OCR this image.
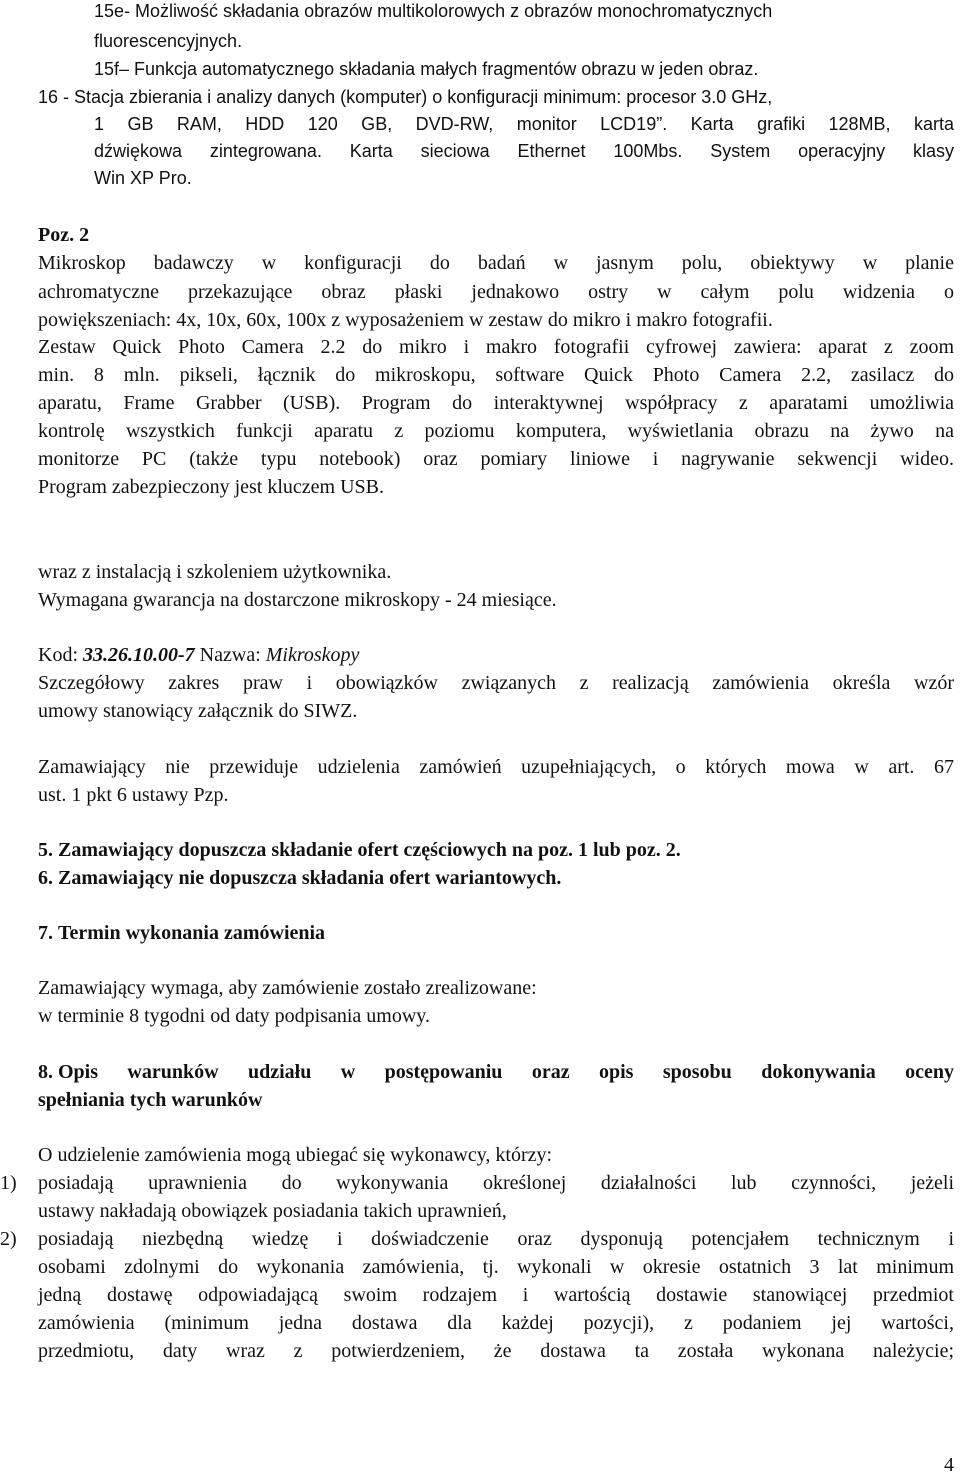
15e- Możliwość składania obrazów multikolorowych z obrazów monochromatycznych

fluorescencyjnych.

15f– Funkcja automatycznego składania małych fragmentów obrazu w jeden obraz.

16 - Stacja zbierania i analizy danych (komputer) o konfiguracji minimum: procesor 3.0 GHz,

1 GB RAM, HDD 120 GB, DVD-RW, monitor LCD19”. Karta grafiki 128MB, karta

dźwiękowa zintegrowana. Karta sieciowa Ethernet 100Mbs. System operacyjny klasy

Win XP Pro.

Poz. 2

Mikroskop badawczy w konfiguracji do badań w jasnym polu, obiektywy w planie

achromatyczne przekazujące obraz płaski jednakowo ostry w całym polu widzenia o

powiększeniach: 4x, 10x, 60x, 100x z wyposażeniem w zestaw do mikro i makro fotografii.

Zestaw Quick Photo Camera 2.2 do mikro i makro fotografii cyfrowej zawiera: aparat z zoom

min. 8 mln. pikseli, łącznik do mikroskopu, software Quick Photo Camera 2.2, zasilacz do

aparatu, Frame Grabber (USB). Program do interaktywnej współpracy z aparatami umożliwia

kontrolę wszystkich funkcji aparatu z poziomu komputera, wyświetlania obrazu na żywo na

monitorze PC (także typu notebook) oraz pomiary liniowe i nagrywanie sekwencji wideo.

Program zabezpieczony jest kluczem USB.

wraz z instalacją i szkoleniem użytkownika.

Wymagana gwarancja na dostarczone mikroskopy - 24 miesiące.

Kod: 33.26.10.00-7 Nazwa: Mikroskopy

Szczegółowy zakres praw i obowiązków związanych z realizacją zamówienia określa wzór

umowy stanowiący załącznik do SIWZ.

Zamawiający nie przewiduje udzielenia zamówień uzupełniających, o których mowa w art. 67

ust. 1 pkt 6 ustawy Pzp.

5. Zamawiający dopuszcza składanie ofert częściowych na poz. 1 lub poz. 2.

6. Zamawiający nie dopuszcza składania ofert wariantowych.

7. Termin wykonania zamówienia

Zamawiający wymaga, aby zamówienie zostało zrealizowane:

w terminie 8 tygodni od daty podpisania umowy.

8. Opis warunków udziału w postępowaniu oraz opis sposobu dokonywania oceny

spełniania tych warunków

O udzielenie zamówienia mogą ubiegać się wykonawcy, którzy:

1) posiadają uprawnienia do wykonywania określonej działalności lub czynności, jeżeli

ustawy nakładają obowiązek posiadania takich uprawnień,

2) posiadają niezbędną wiedzę i doświadczenie oraz dysponują potencjałem technicznym i

osobami zdolnymi do wykonania zamówienia, tj. wykonali w okresie ostatnich 3 lat minimum

jedną dostawę odpowiadającą swoim rodzajem i wartością dostawie stanowiącej przedmiot

zamówienia (minimum jedna dostawa dla każdej pozycji), z podaniem jej wartości,

przedmiotu, daty wraz z potwierdzeniem, że dostawa ta została wykonana należycie;

4
